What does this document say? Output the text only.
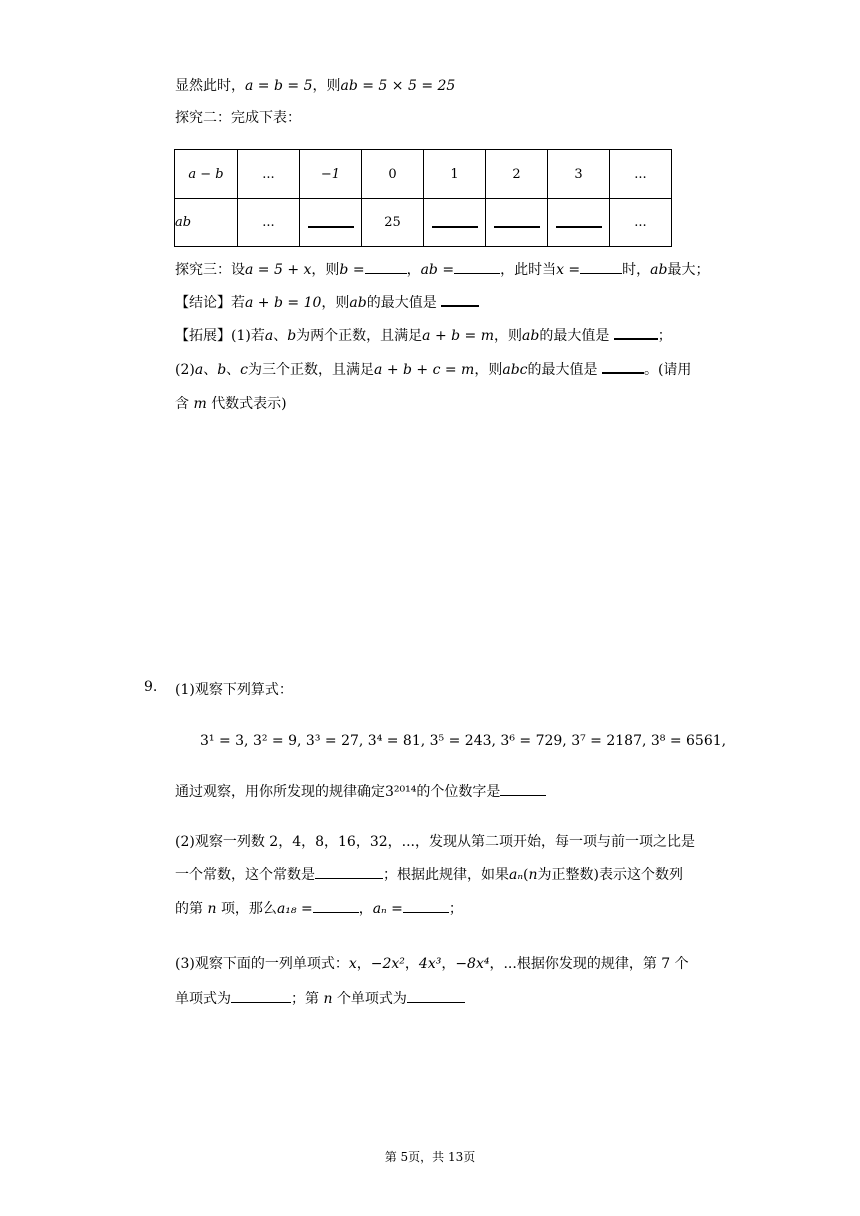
显然此时，a = b = 5，则ab = 5 × 5 = 25
探究二：完成下表：
a − b	...	−1	0	1	2	3	...
ab	...		25				...
探究三：设a = 5 + x，则b =	，ab =	，此时当x =	时，ab最大；
【结论】若a + b = 10，则ab的最大值是
【拓展】(1)若a、b为两个正数，且满足a + b = m，则ab的最大值是	；
(2)a、b、c为三个正数，且满足a + b + c = m，则abc的最大值是	。(请用
含 m 代数式表示)
9. (1)观察下列算式：
3¹ = 3, 3² = 9, 3³ = 27, 3⁴ = 81, 3⁵ = 243, 3⁶ = 729, 3⁷ = 2187, 3⁸ = 6561,
通过观察，用你所发现的规律确定3²⁰¹⁴的个位数字是
(2)观察一列数 2，4，8，16，32，...，发现从第二项开始，每一项与前一项之比是
一个常数，这个常数是	；根据此规律，如果aₙ(n为正整数)表示这个数列
的第 n 项，那么a₁₈ =	，aₙ =	；
(3)观察下面的一列单项式：x，−2x²，4x³，−8x⁴，...根据你发现的规律，第 7 个
单项式为	；第 n 个单项式为
第 5页，共 13页
